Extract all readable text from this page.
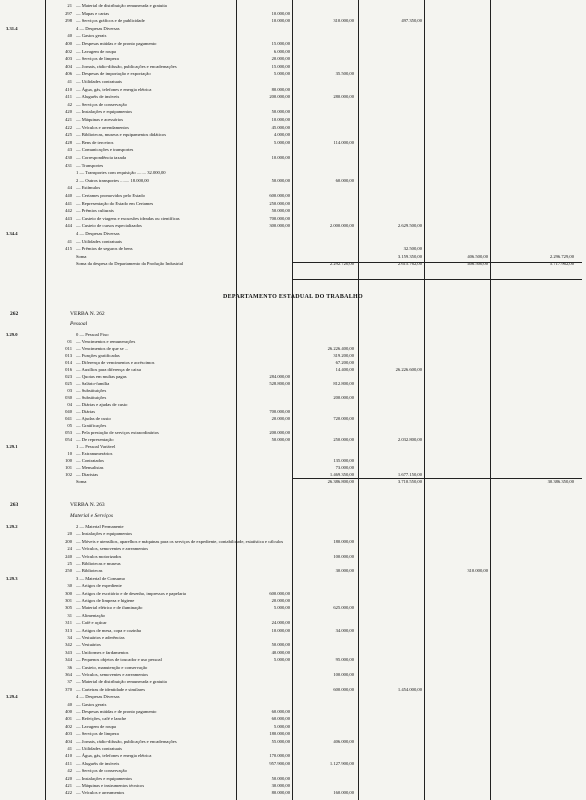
21 — Material de distribuição remunerada e gratuita
297 — Mapas e cartas	10.000,00
298 — Serviços gráficos e de publicidade	10.000,00	310.000,00	497.350,00
3.31.4	4 — Despesas Diversas
40 — Gastos gerais
400 — Despesas miúdas e de pronto pagamento	15.000,00
402 — Lavagem de roupa	6.000,00
403 — Serviços de limpeza	20.000,00
404 — Jornais, rádio-difusão, publicações e encadernações	15.000,00
406 — Despesas de importação e exportação	5.000,00	35.500,00
41 — Utilidades contratuais
410 — Água, gás, telefones e energia elétrica	80.000,00
411 — Aluguéis de imóveis	200.000,00	280.000,00
42 — Serviços de conservação
420 — Instalações e equipamentos	50.000,00
421 — Máquinas e acessórios	10.000,00
422 — Veículos e arrendamentos	45.000,00
425 — Bibliotecas, museus e equipamentos didáticos	4.000,00
428 — Bens de terceiros	5.000,00	114.000,00
43 — Comunicações e transportes
430 — Correspondência taxada	10.000,00
431 — Transportes
1 — Transportes com requisição ........ 32.000,00
2 — Outros transportes ........ 18.000,00	50.000,00	60.000,00
44 — Estímulos
440 — Certames promovidos pelo Estado	600.000,00
441 — Representação do Estado em Certames	250.000,00
442 — Prêmios culturais	50.000,00
443 — Custeio de viagens e excursões ideadas ou científicas	700.000,00
444 — Custeio de cursos especializados	300.000,00	2.000.000,00	2.629.500,00
3.34.4	4 — Despesas Diversas
41 — Utilidades contratuais
415 — Prêmios de seguros de bens	32.500,00
Soma	3.159.350,00	406.500,00	2.296.729,00
Soma da despesa do Departamento da Produção Industrial	2.292.720,00	2.615.762,00	406.500,00	5.717.962,00
DEPARTAMENTO ESTADUAL DO TRABALHO
262	VERBA N. 262
Pessoal
3.29.0	0 — Pessoal Fixo
01 — Vencimentos e remunerações
011 — Vencimentos de que se ...	26.226.400,00
013 — Funções gratificadas	319.200,00
014 — Diferença de vencimentos e acréscimos	67.200,00
016 — Auxílios para diferença de caixa	14.400,00	26.226.600,00
023 — Quotas em multas pagas	284.000,00
025 — Salário-família	528.800,00	812.800,00
03 — Substituições
030 — Substituições	200.000,00
04 — Diárias e ajudas de custo
040 — Diárias	700.000,00
041 — Ajudas de custo	20.000,00	720.000,00
05 — Gratificações
053 — Pela prestação de serviços extraordinários	200.000,00
054 — De representação	50.000,00	250.000,00	2.032.800,00
3.29.1	1 — Pessoal Variável
10 — Extranumerários
100 — Contratados	135.000,00
101 — Mensalistas	73.000,00
102 — Diaristas	1.469.350,00	1.677.150,00
Soma	26.386.800,00	3.710.550,00	30.386.350,00
263	VERBA N. 263
Material e Serviços
3.29.2	2 — Material Permanente
20 — Instalações e equipamentos
200 — Móveis e utensílios, aparelhos e máquinas para os serviços de expediente, contabilidade, estatística e cálculos	180.000,00
24 — Veículos, semoventes e arreamentos
240 — Veículos motorizados	100.000,00
25 — Bibliotecas e museus
250 — Bibliotecas	30.000,00	310.000,00
3.29.3	3 — Material de Consumo
30 — Artigos de expediente
300 — Artigos de escritório e de desenho, impressos e papelaria	600.000,00
301 — Artigos de limpeza e higiene	20.000,00
305 — Material elétrico e de iluminação	5.000,00	625.000,00
31 — Alimentação
311 — Café e açúcar	24.000,00
313 — Artigos de mesa, copa e cozinha	10.000,00	34.000,00
34 — Vestuários e aderências
342 — Vestuários	50.000,00
343 — Uniformes e fardamentos	40.000,00
344 — Pequenos objetos de toucador e uso pessoal	5.000,00	95.000,00
36 — Custeio, manutenção e conservação
364 — Veículos, semoventes e arreamentos	100.000,00
37 — Material de distribuição remunerada e gratuita
370 — Carteiras de identidade e similares	600.000,00	1.454.000,00
3.29.4	4 — Despesas Diversas
40 — Gastos gerais
400 — Despesas miúdas e de pronto pagamento	60.000,00
401 — Refeições, café e lanche	60.000,00
402 — Lavagem de roupa	5.000,00
403 — Serviços de limpeza	180.000,00
404 — Jornais, rádio-difusão, publicações e encadernações	55.000,00	406.000,00
41 — Utilidades contratuais
410 — Água, gás, telefones e energia elétrica	170.000,00
411 — Aluguéis de imóveis	957.900,00	1.127.900,00
42 — Serviços de conservação
420 — Instalações e equipamentos	50.000,00
421 — Máquinas e instrumentos técnicos	30.000,00
422 — Veículos e arreamentos	80.000,00	160.000,00
